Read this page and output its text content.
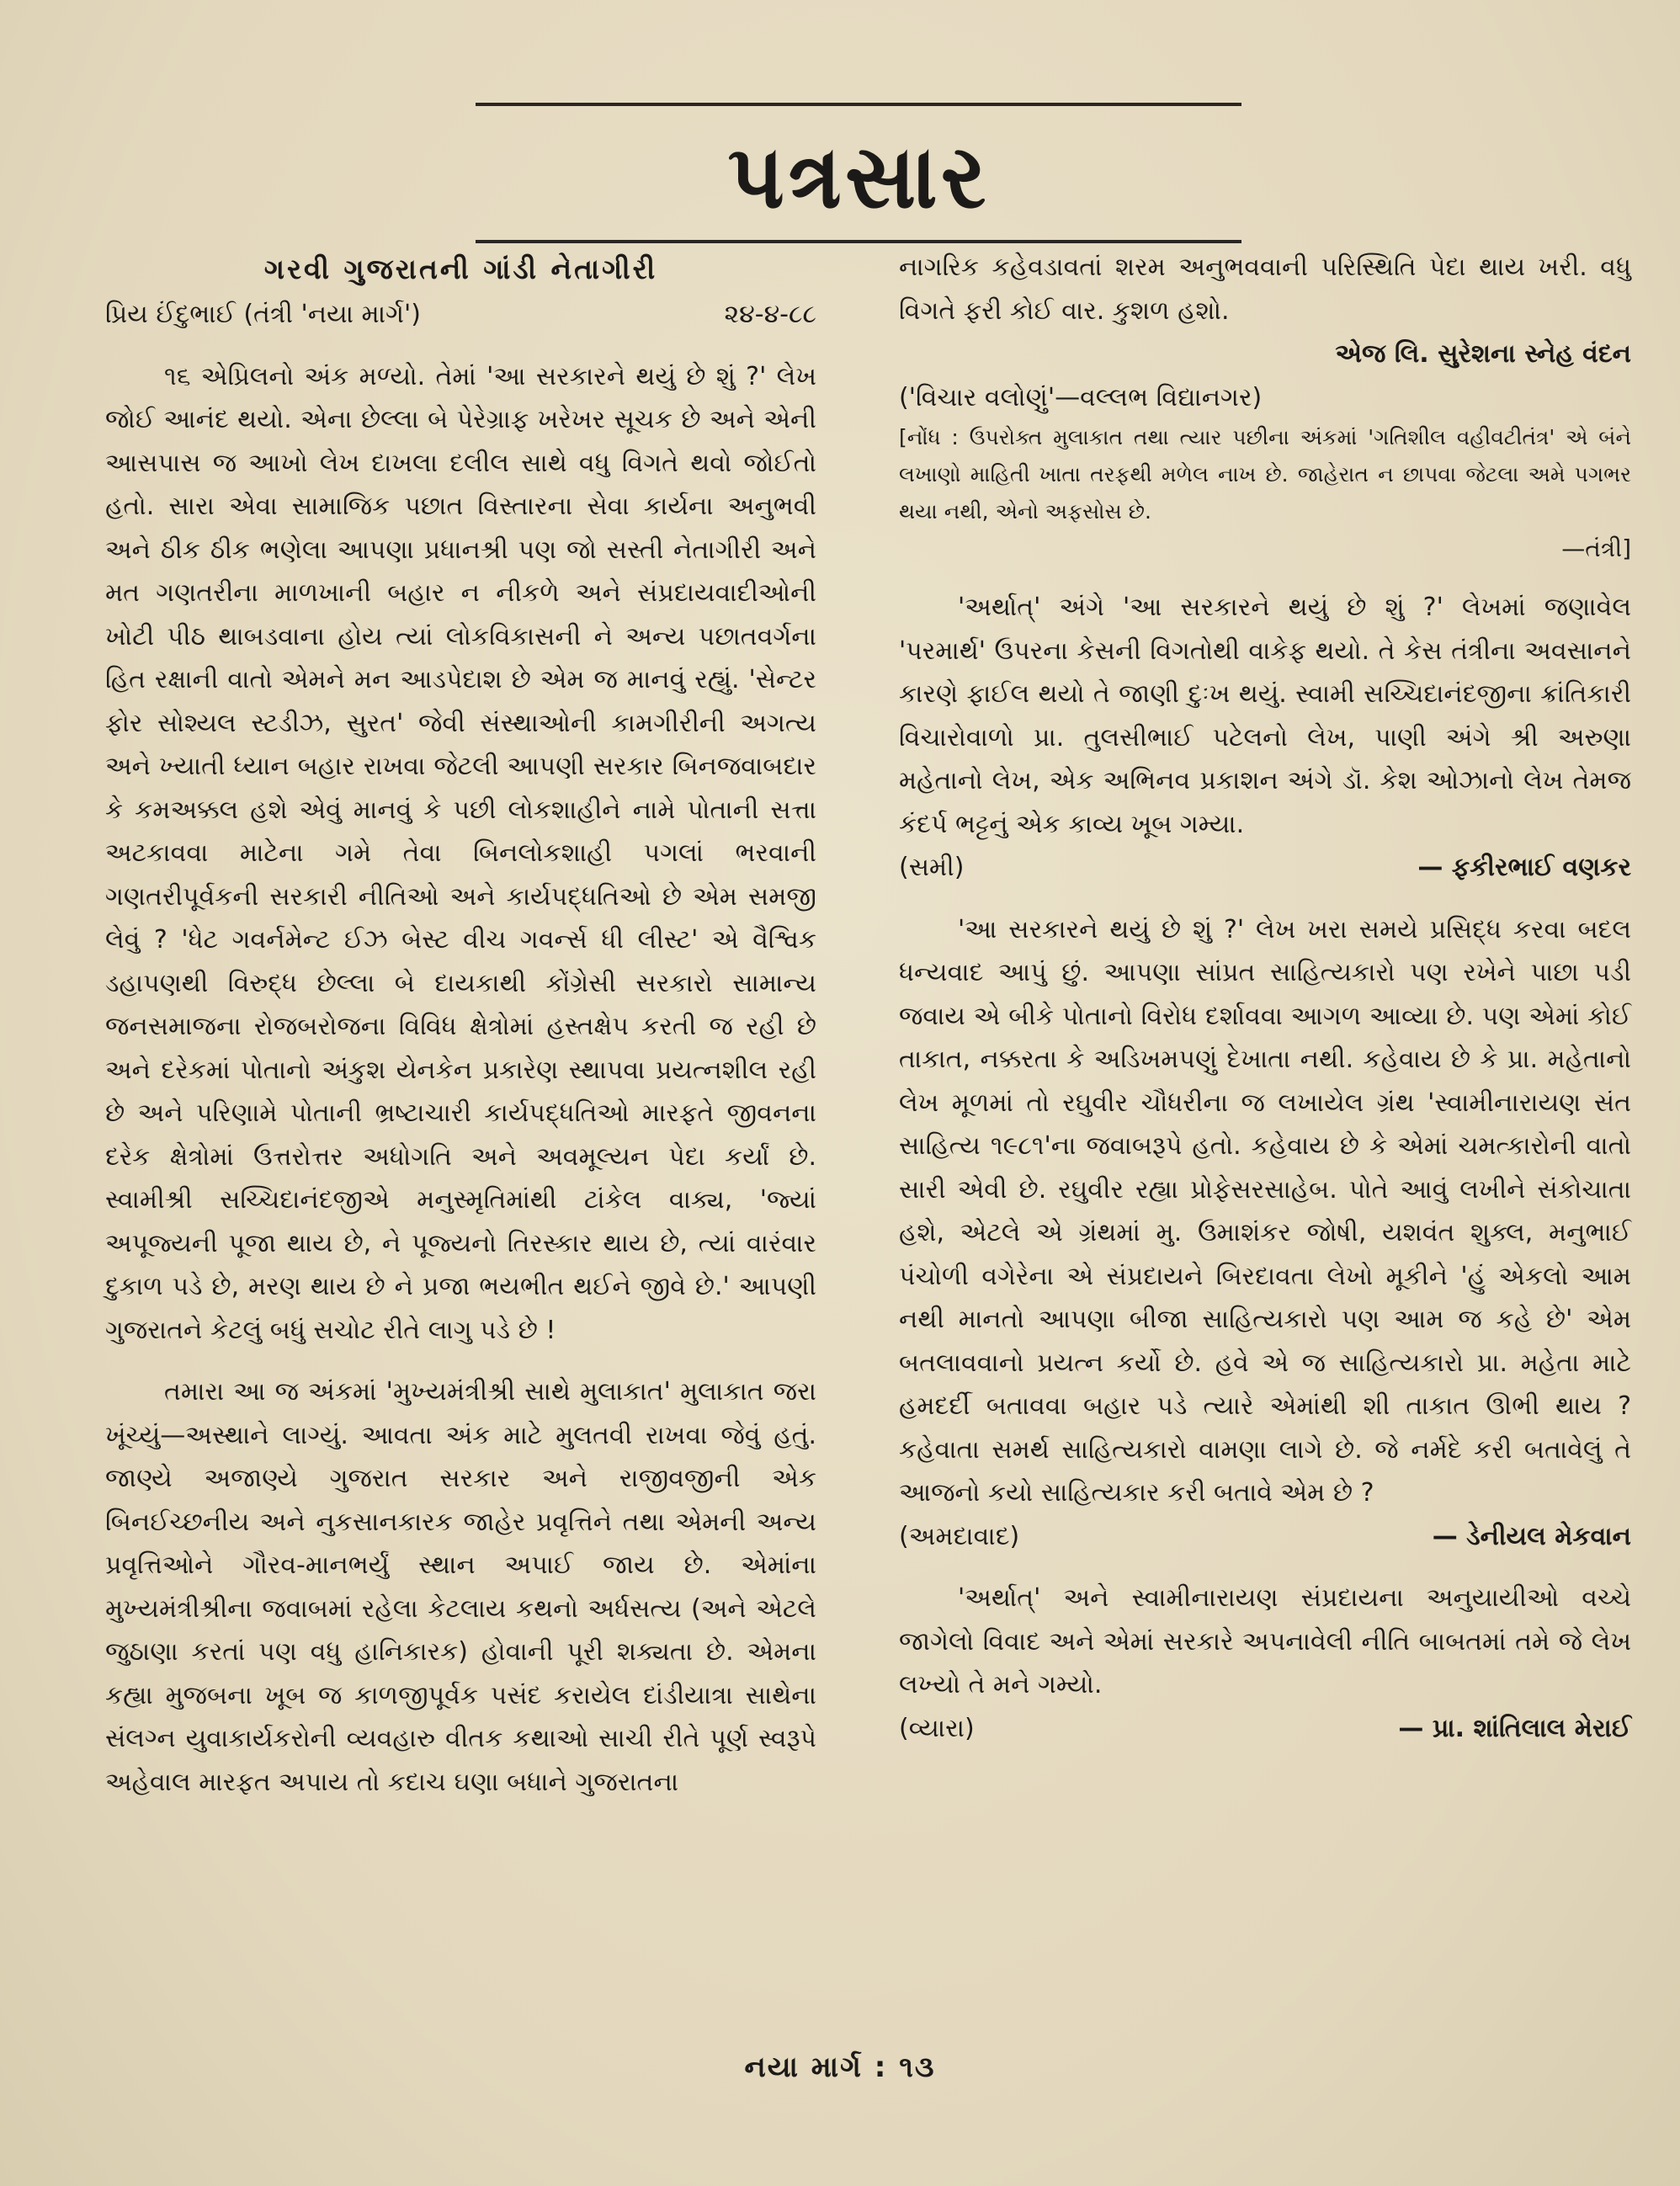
પત્રસાર

ગરવી ગુજરાતની ગાંડી નેતાગીરી

પ્રિય ઈંદુભાઈ (તંત્રી 'નયા માર્ગ')	૨૪-૪-૮૮

૧૬ એપ્રિલનો અંક મળ્યો. તેમાં 'આ સરકારને થયું છે શું ?' લેખ જોઈ આનંદ થયો. એના છેલ્લા બે પેરેગ્રાફ ખરેખર સૂચક છે અને એની આસપાસ જ આખો લેખ દાખલા દલીલ સાથે વધુ વિગતે થવો જોઈતો હતો. સારા એવા સામાજિક પછાત વિસ્તારના સેવા કાર્યના અનુભવી અને ઠીક ઠીક ભણેલા આપણા પ્રધાનશ્રી પણ જો સસ્તી નેતાગીરી અને મત ગણતરીના માળખાની બહાર ન નીકળે અને સંપ્રદાયવાદીઓની ખોટી પીઠ થાબડવાના હોય ત્યાં લોકવિકાસની ને અન્ય પછાતવર્ગના હિત રક્ષાની વાતો એમને મન આડપેદાશ છે એમ જ માનવું રહ્યું. 'સેન્ટર ફોર સોશ્યલ સ્ટડીઝ, સુરત' જેવી સંસ્થાઓની કામગીરીની અગત્ય અને ખ્યાતી ધ્યાન બહાર રાખવા જેટલી આપણી સરકાર બિનજવાબદાર કે કમઅક્કલ હશે એવું માનવું કે પછી લોકશાહીને નામે પોતાની સત્તા અટકાવવા માટેના ગમે તેવા બિનલોકશાહી પગલાં ભરવાની ગણતરીપૂર્વકની સરકારી નીતિઓ અને કાર્યપદ્ધતિઓ છે એમ સમજી લેવું ? 'ધેટ ગવર્નમેન્ટ ઈઝ બેસ્ટ વીચ ગવર્ન્સ ધી લીસ્ટ' એ વૈશ્વિક ડહાપણથી વિરુદ્ધ છેલ્લા બે દાયકાથી કોંગ્રેસી સરકારો સામાન્ય જનસમાજના રોજબરોજના વિવિધ ક્ષેત્રોમાં હસ્તક્ષેપ કરતી જ રહી છે અને દરેકમાં પોતાનો અંકુશ યેનકેન પ્રકારેણ સ્થાપવા પ્રયત્નશીલ રહી છે અને પરિણામે પોતાની ભ્રષ્ટાચારી કાર્યપદ્ધતિઓ મારફતે જીવનના દરેક ક્ષેત્રોમાં ઉત્તરોત્તર અધોગતિ અને અવમૂલ્યન પેદા કર્યાં છે. સ્વામીશ્રી સચ્ચિદાનંદજીએ મનુસ્મૃતિમાંથી ટાંકેલ વાક્ય, 'જ્યાં અપૂજ્યની પૂજા થાય છે, ને પૂજ્યનો તિરસ્કાર થાય છે, ત્યાં વારંવાર દુકાળ પડે છે, મરણ થાય છે ને પ્રજા ભયભીત થઈને જીવે છે.' આપણી ગુજરાતને કેટલું બધું સચોટ રીતે લાગુ પડે છે !

તમારા આ જ અંકમાં 'મુખ્યમંત્રીશ્રી સાથે મુલાકાત' મુલાકાત જરા ખૂંચ્યું—અસ્થાને લાગ્યું. આવતા અંક માટે મુલતવી રાખવા જેવું હતું. જાણ્યે અજાણ્યે ગુજરાત સરકાર અને રાજીવજીની એક બિનઈચ્છનીય અને નુકસાનકારક જાહેર પ્રવૃત્તિને તથા એમની અન્ય પ્રવૃત્તિઓને ગૌરવ-માનભર્યું સ્થાન અપાઈ જાય છે. એમાંના મુખ્યમંત્રીશ્રીના જવાબમાં રહેલા કેટલાય કથનો અર્ધસત્ય (અને એટલે જુઠાણા કરતાં પણ વધુ હાનિકારક) હોવાની પૂરી શક્યતા છે. એમના કહ્યા મુજબના ખૂબ જ કાળજીપૂર્વક પસંદ કરાયેલ દાંડીયાત્રા સાથેના સંલગ્ન યુવાકાર્યકરોની વ્યવહારુ વીતક કથાઓ સાચી રીતે પૂર્ણ સ્વરૂપે અહેવાલ મારફત અપાય તો કદાચ ઘણા બધાને ગુજરાતના

નાગરિક કહેવડાવતાં શરમ અનુભવવાની પરિસ્થિતિ પેદા થાય ખરી. વધુ વિગતે ફરી કોઈ વાર. કુશળ હશો.

એજ લિ. સુરેશના સ્નેહ વંદન

('વિચાર વલોણું'—વલ્લભ વિદ્યાનગર)

[નોંધ : ઉપરોક્ત મુલાકાત તથા ત્યાર પછીના અંકમાં 'ગતિશીલ વહીવટીતંત્ર' એ બંને લખાણો માહિતી ખાતા તરફથી મળેલ નાખ છે. જાહેરાત ન છાપવા જેટલા અમે પગભર થયા નથી, એનો અફસોસ છે.

—તંત્રી]

'અર્થાત્' અંગે 'આ સરકારને થયું છે શું ?' લેખમાં જણાવેલ 'પરમાર્થ' ઉપરના કેસની વિગતોથી વાકેફ થયો. તે કેસ તંત્રીના અવસાનને કારણે ફાઈલ થયો તે જાણી દુઃખ થયું. સ્વામી સચ્ચિદાનંદજીના ક્રાંતિકારી વિચારોવાળો પ્રા. તુલસીભાઈ પટેલનો લેખ, પાણી અંગે શ્રી અરુણા મહેતાનો લેખ, એક અભિનવ પ્રકાશન અંગે ડૉ. કેશ ઓઝાનો લેખ તેમજ કંદર્પ ભટ્ટનું એક કાવ્ય ખૂબ ગમ્યા.

(સમી)	— ફકીરભાઈ વણકર

'આ સરકારને થયું છે શું ?' લેખ ખરા સમયે પ્રસિદ્ધ કરવા બદલ ધન્યવાદ આપું છું. આપણા સાંપ્રત સાહિત્યકારો પણ રખેને પાછા પડી જવાય એ બીકે પોતાનો વિરોધ દર્શાવવા આગળ આવ્યા છે. પણ એમાં કોઈ તાકાત, નક્કરતા કે અડિખમપણું દેખાતા નથી. કહેવાય છે કે પ્રા. મહેતાનો લેખ મૂળમાં તો રઘુવીર ચૌધરીના જ લખાયેલ ગ્રંથ 'સ્વામીનારાયણ સંત સાહિત્ય ૧૯૮૧'ના જવાબરૂપે હતો. કહેવાય છે કે એમાં ચમત્કારોની વાતો સારી એવી છે. રઘુવીર રહ્યા પ્રોફેસરસાહેબ. પોતે આવું લખીને સંકોચાતા હશે, એટલે એ ગ્રંથમાં મુ. ઉમાશંકર જોષી, યશવંત શુક્લ, મનુભાઈ પંચોળી વગેરેના એ સંપ્રદાયને બિરદાવતા લેખો મૂકીને 'હું એકલો આમ નથી માનતો આપણા બીજા સાહિત્યકારો પણ આમ જ કહે છે' એમ બતલાવવાનો પ્રયત્ન કર્યો છે. હવે એ જ સાહિત્યકારો પ્રા. મહેતા માટે હમદર્દી બતાવવા બહાર પડે ત્યારે એમાંથી શી તાકાત ઊભી થાય ? કહેવાતા સમર્થ સાહિત્યકારો વામણા લાગે છે. જે નર્મદે કરી બતાવેલું તે આજનો કયો સાહિત્યકાર કરી બતાવે એમ છે ?

(અમદાવાદ)	— ડેનીયલ મેકવાન

'અર્થાત્' અને સ્વામીનારાયણ સંપ્રદાયના અનુયાયીઓ વચ્ચે જાગેલો વિવાદ અને એમાં સરકારે અપનાવેલી નીતિ બાબતમાં તમે જે લેખ લખ્યો તે મને ગમ્યો.

(વ્યારા)	— પ્રા. શાંતિલાલ મેરાઈ
નયા માર્ગ : ૧૩
